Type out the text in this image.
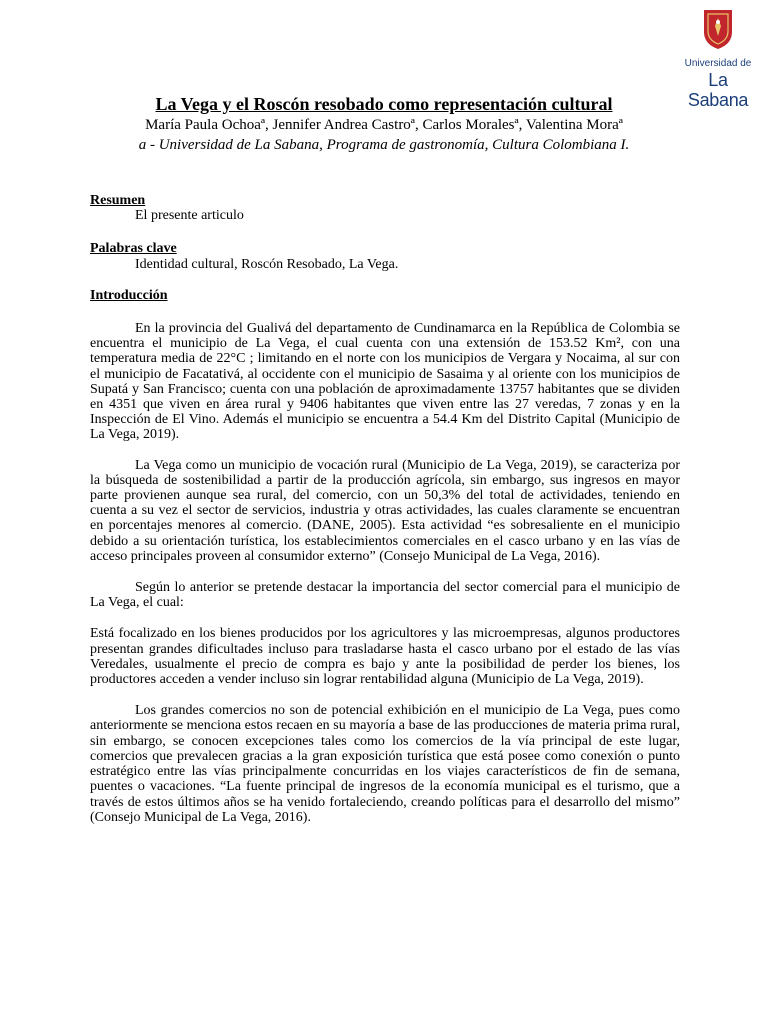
Universidad de
La Sabana
La Vega y el Roscón resobado como representación cultural
María Paula Ochoaª, Jennifer Andrea Castroª, Carlos Moralesª, Valentina Moraª
a - Universidad de La Sabana, Programa de gastronomía, Cultura Colombiana I.

Resumen

El presente articulo

Palabras clave

Identidad cultural, Roscón Resobado, La Vega.

Introducción

En la provincia del Gualivá del departamento de Cundinamarca en la República de Colombia se encuentra el municipio de La Vega, el cual cuenta con una extensión de 153.52 Km², con una temperatura media de 22°C ; limitando en el norte con los municipios de Vergara y Nocaima, al sur con el municipio de Facatativá, al occidente con el municipio de Sasaima y al oriente con los municipios de Supatá y San Francisco; cuenta con una población de aproximadamente 13757 habitantes que se dividen en 4351 que viven en área rural y 9406 habitantes que viven entre las 27 veredas, 7 zonas y en la Inspección de El Vino. Además el municipio se encuentra a 54.4 Km del Distrito Capital (Municipio de La Vega, 2019).

La Vega como un municipio de vocación rural (Municipio de La Vega, 2019), se caracteriza por la búsqueda de sostenibilidad a partir de la producción agrícola, sin embargo, sus ingresos en mayor parte provienen aunque sea rural, del comercio, con un 50,3% del total de actividades, teniendo en cuenta a su vez el sector de servicios, industria y otras actividades, las cuales claramente se encuentran en porcentajes menores al comercio. (DANE, 2005). Esta actividad “es sobresaliente en el municipio debido a su orientación turística, los establecimientos comerciales en el casco urbano y en las vías de acceso principales proveen al consumidor externo” (Consejo Municipal de La Vega, 2016).

Según lo anterior se pretende destacar la importancia del sector comercial para el municipio de La Vega, el cual:

Está focalizado en los bienes producidos por los agricultores y las microempresas, algunos productores presentan grandes dificultades incluso para trasladarse hasta el casco urbano por el estado de las vías Veredales, usualmente el precio de compra es bajo y ante la posibilidad de perder los bienes, los productores acceden a vender incluso sin lograr rentabilidad alguna (Municipio de La Vega, 2019).

Los grandes comercios no son de potencial exhibición en el municipio de La Vega, pues como anteriormente se menciona estos recaen en su mayoría a base de las producciones de materia prima rural, sin embargo, se conocen excepciones tales como los comercios de la vía principal de este lugar, comercios que prevalecen gracias a la gran exposición turística que está posee como conexión o punto estratégico entre las vías principalmente concurridas en los viajes característicos de fin de semana, puentes o vacaciones. “La fuente principal de ingresos de la economía municipal es el turismo, que a través de estos últimos años se ha venido fortaleciendo, creando políticas para el desarrollo del mismo” (Consejo Municipal de La Vega, 2016).
